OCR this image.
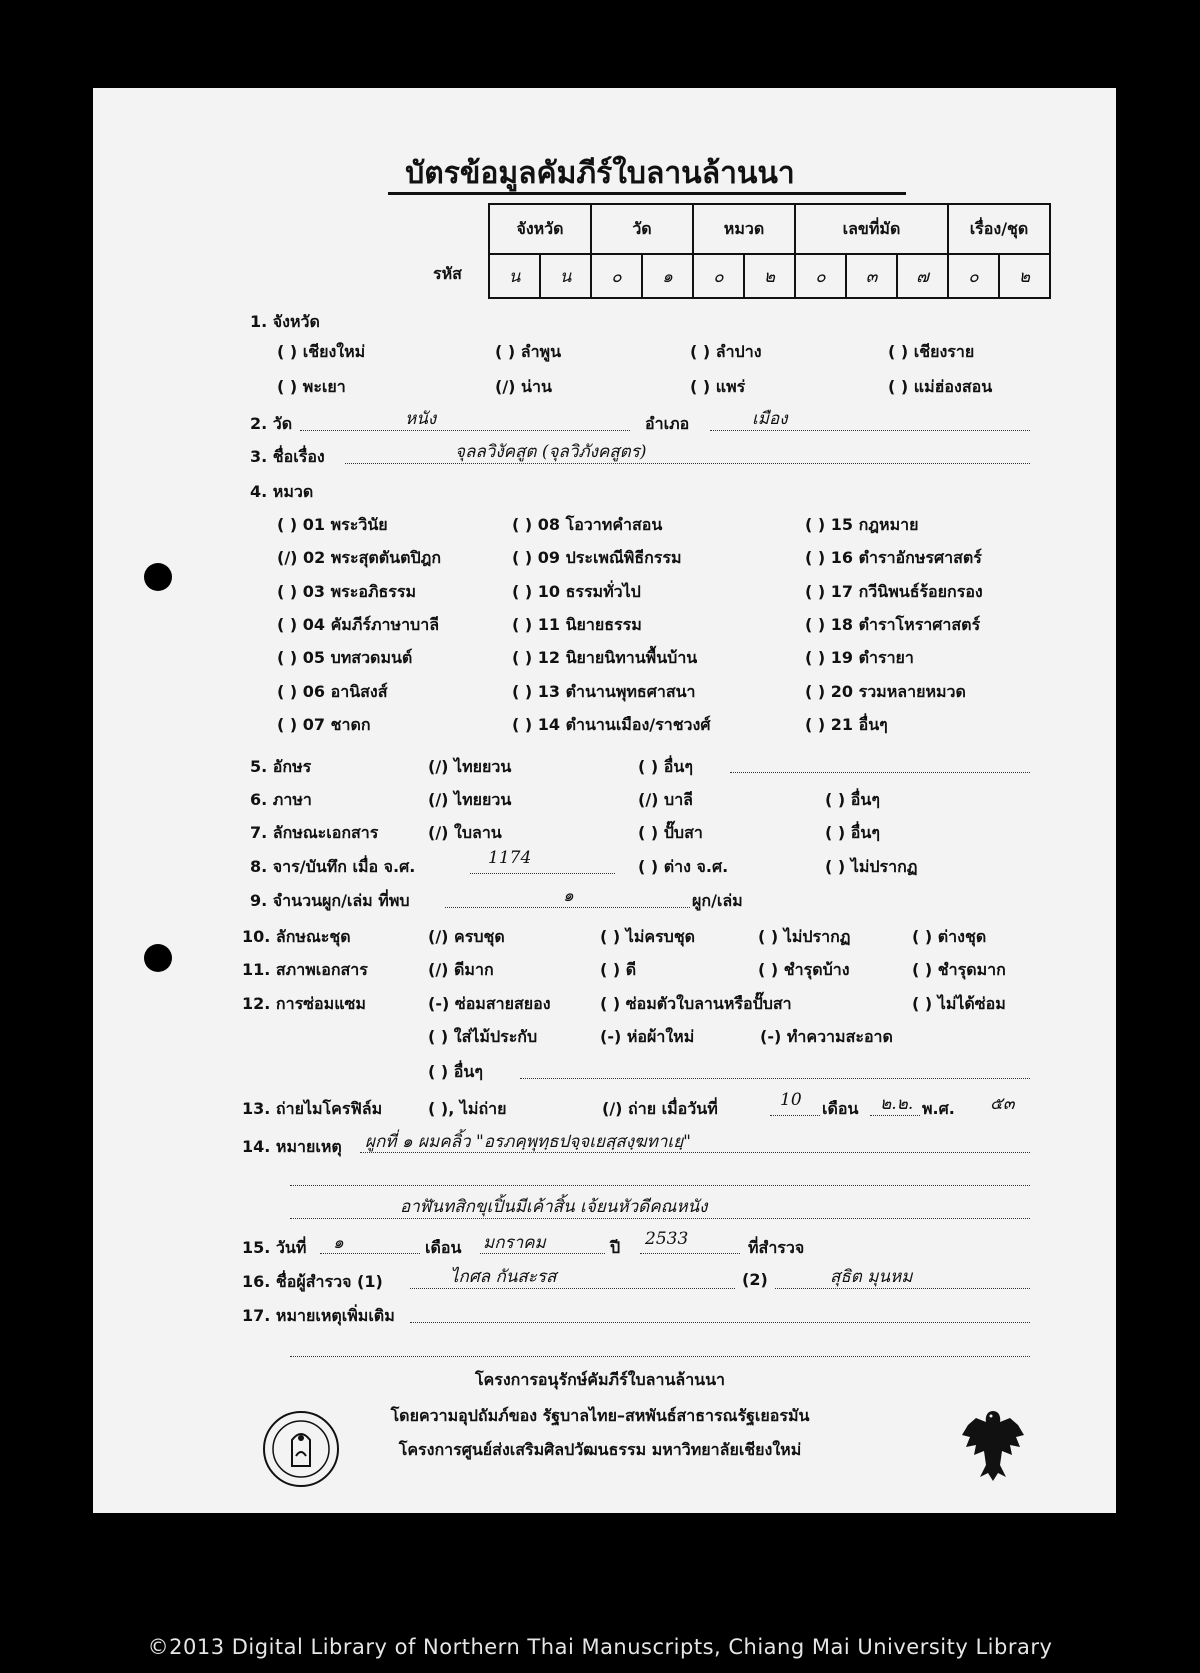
บัตรข้อมูลคัมภีร์ใบลานล้านนา
รหัส
จังหวัด		วัด		หมวด		เลขที่มัด			เรื่อง/ชุด	
น	น	๐	๑	๐	๒	๐	๓	๗	๐	๒
1. จังหวัด
( ) เชียงใหม่	( ) ลำพูน	( ) ลำปาง	( ) เชียงราย
( ) พะเยา	(/) น่าน	( ) แพร่	( ) แม่ฮ่องสอน
2. วัด	หนัง	อำเภอ	เมือง
3. ชื่อเรื่อง	จุลลวิงัคสูต (จุลวิภังคสูตร)
4. หมวด
( ) 01 พระวินัย	( ) 08 โอวาทคำสอน	( ) 15 กฎหมาย
(/) 02 พระสุตตันตปิฎก	( ) 09 ประเพณีพิธีกรรม	( ) 16 ตำราอักษรศาสตร์
( ) 03 พระอภิธรรม	( ) 10 ธรรมทั่วไป	( ) 17 กวีนิพนธ์ร้อยกรอง
( ) 04 คัมภีร์ภาษาบาลี	( ) 11 นิยายธรรม	( ) 18 ตำราโหราศาสตร์
( ) 05 บทสวดมนต์	( ) 12 นิยายนิทานพื้นบ้าน	( ) 19 ตำรายา
( ) 06 อานิสงส์	( ) 13 ตำนานพุทธศาสนา	( ) 20 รวมหลายหมวด
( ) 07 ชาดก	( ) 14 ตำนานเมือง/ราชวงศ์	( ) 21 อื่นๆ
5. อักษร	(/) ไทยยวน	( ) อื่นๆ
6. ภาษา	(/) ไทยยวน	(/) บาลี	( ) อื่นๆ
7. ลักษณะเอกสาร	(/) ใบลาน	( ) ปั๊บสา	( ) อื่นๆ
8. จาร/บันทึก เมื่อ จ.ศ.	1174	( ) ต่าง จ.ศ.	( ) ไม่ปรากฏ
9. จำนวนผูก/เล่ม ที่พบ	๑	ผูก/เล่ม
10. ลักษณะชุด	(/) ครบชุด	( ) ไม่ครบชุด	( ) ไม่ปรากฏ	( ) ต่างชุด
11. สภาพเอกสาร	(/) ดีมาก	( ) ดี	( ) ชำรุดบ้าง	( ) ชำรุดมาก
12. การซ่อมแซม	(-) ซ่อมสายสยอง	( ) ซ่อมตัวใบลานหรือปั๊บสา	( ) ไม่ได้ซ่อม
( ) ใส่ไม้ประกับ	(-) ห่อผ้าใหม่	(-) ทำความสะอาด
( ) อื่นๆ
13. ถ่ายไมโครฟิล์ม	( ), ไม่ถ่าย	(/) ถ่าย เมื่อวันที่	10 เดือน ๒.๒. พ.ศ. ๕๓
14. หมายเหตุ ผูกที่ ๑ ผมคลิ้ว "อรภคฺพุทฺธปจฺจเยสฺสงฺฆทาเยฺ"
อาฬันทสิกขุเปิ้นมีเค้าสิ้น เจ้ยนหัวดีคณหนัง
15. วันที่ ๑	เดือน มกราคม	ปี 2533	ที่สำรวจ
16. ชื่อผู้สำรวจ (1)	ไกศล กันสะรส	(2)	สุธิต มุนหม
17. หมายเหตุเพิ่มเติม
โครงการอนุรักษ์คัมภีร์ใบลานล้านนา
โดยความอุปถัมภ์ของ รัฐบาลไทย–สหพันธ์สาธารณรัฐเยอรมัน
โครงการศูนย์ส่งเสริมศิลปวัฒนธรรม มหาวิทยาลัยเชียงใหม่
©2013 Digital Library of Northern Thai Manuscripts, Chiang Mai University Library
